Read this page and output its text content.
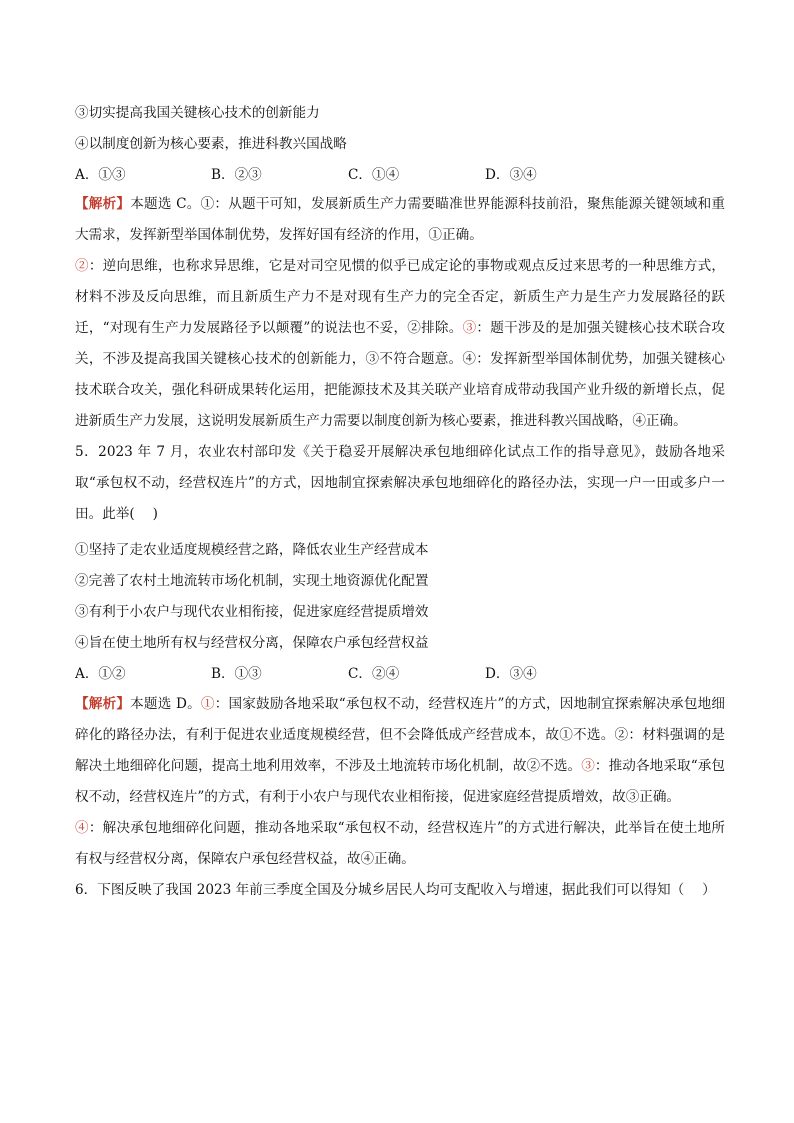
③切实提高我国关键核心技术的创新能力
④以制度创新为核心要素，推进科教兴国战略
A．①③	B．②③	C．①④	D．③④
【解析】本题选 C。①：从题干可知，发展新质生产力需要瞄准世界能源科技前沿，聚焦能源关键领域和重大需求，发挥新型举国体制优势，发挥好国有经济的作用，①正确。
②：逆向思维，也称求异思维，它是对司空见惯的似乎已成定论的事物或观点反过来思考的一种思维方式，材料不涉及反向思维，而且新质生产力不是对现有生产力的完全否定，新质生产力是生产力发展路径的跃迁，“对现有生产力发展路径予以颠覆”的说法也不妥，②排除。③：题干涉及的是加强关键核心技术联合攻关，不涉及提高我国关键核心技术的创新能力，③不符合题意。④：发挥新型举国体制优势，加强关键核心技术联合攻关，强化科研成果转化运用，把能源技术及其关联产业培育成带动我国产业升级的新增长点，促进新质生产力发展，这说明发展新质生产力需要以制度创新为核心要素，推进科教兴国战略，④正确。
5．2023 年 7 月，农业农村部印发《关于稳妥开展解决承包地细碎化试点工作的指导意见》，鼓励各地采取“承包权不动，经营权连片”的方式，因地制宜探索解决承包地细碎化的路径办法，实现一户一田或多户一田。此举(　 )
①坚持了走农业适度规模经营之路，降低农业生产经营成本
②完善了农村土地流转市场化机制，实现土地资源优化配置
③有利于小农户与现代农业相衔接，促进家庭经营提质增效
④旨在使土地所有权与经营权分离，保障农户承包经营权益
A．①②	B．①③	C．②④	D．③④
【解析】本题选 D。①：国家鼓励各地采取“承包权不动，经营权连片”的方式，因地制宜探索解决承包地细碎化的路径办法，有利于促进农业适度规模经营，但不会降低成产经营成本，故①不选。②：材料强调的是解决土地细碎化问题，提高土地利用效率，不涉及土地流转市场化机制，故②不选。③：推动各地采取“承包权不动，经营权连片”的方式，有利于小农户与现代农业相衔接，促进家庭经营提质增效，故③正确。
④：解决承包地细碎化问题，推动各地采取“承包权不动，经营权连片”的方式进行解决，此举旨在使土地所有权与经营权分离，保障农户承包经营权益，故④正确。
6．下图反映了我国 2023 年前三季度全国及分城乡居民人均可支配收入与增速，据此我们可以得知（　 ）
